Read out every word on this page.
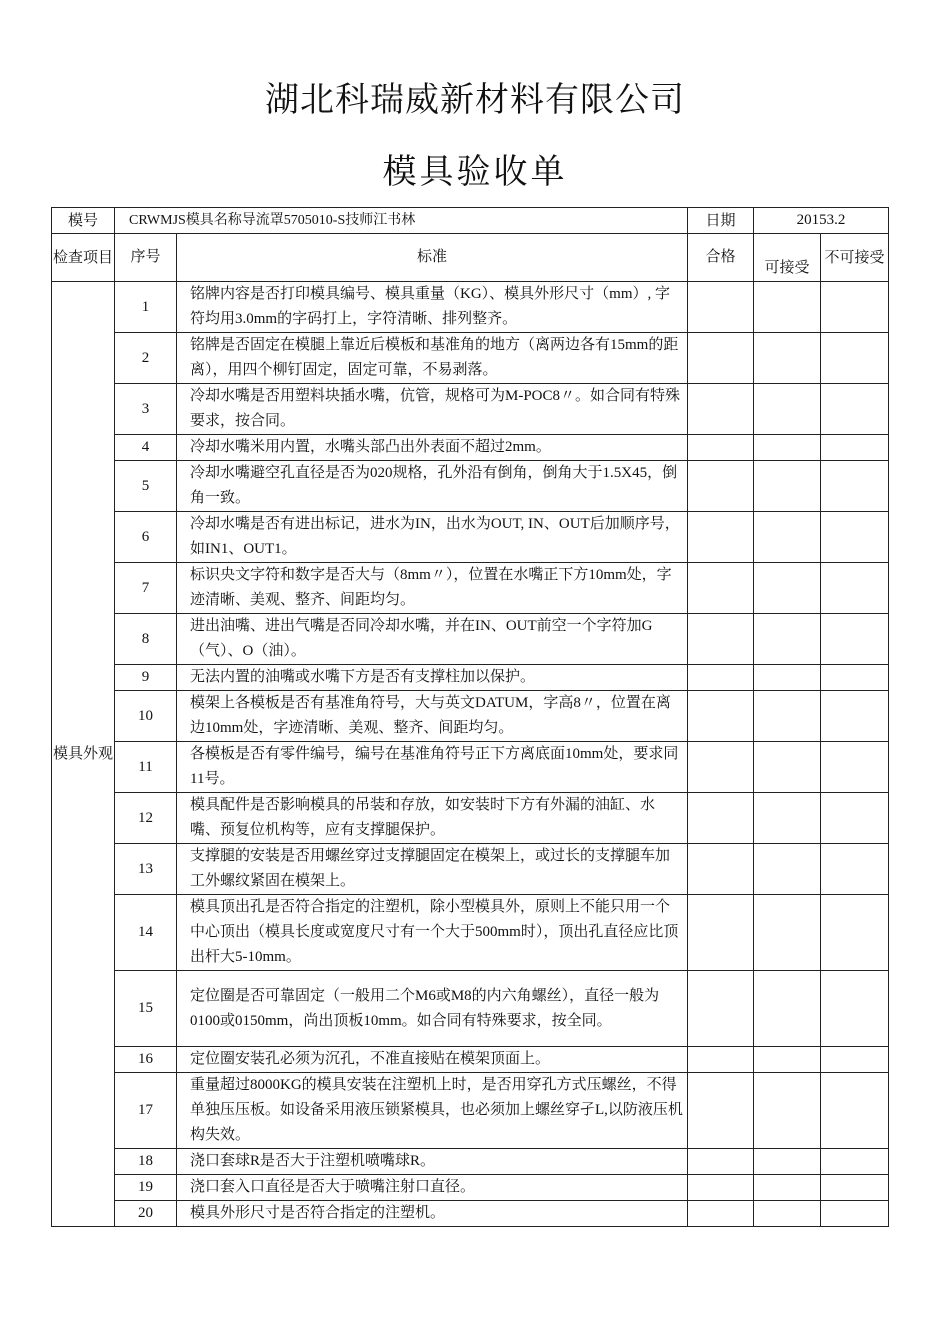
湖北科瑞威新材料有限公司
模具验收单
模号	CRWMJS模具名称导流罩5705010-S技师江书林		日期	20153.2	
检查项目	序号	标准	合格	可接受	不可接受
模具外观	1	铭牌内容是否打印模具编号、模具重量（KG）、模具外形尺寸（mm）, 字符均用3.0mm的字码打上，字符清晰、排列整齐。			
	2	铭牌是否固定在模腿上靠近后模板和基准角的地方（离两边各有15mm的距离），用四个柳钉固定，固定可靠，不易剥落。			
	3	冷却水嘴是否用塑料块插水嘴，伉管，规格可为M-POC8〃。如合同有特殊要求，按合同。			
	4	冷却水嘴米用内置，水嘴头部凸出外表面不超过2mm。			
	5	冷却水嘴避空孔直径是否为020规格，孔外沿有倒角，倒角大于1.5X45，倒角一致。			
	6	冷却水嘴是否有进出标记，进水为IN，出水为OUT, IN、OUT后加顺序号，如IN1、OUT1。			
	7	标识央文字符和数字是否大与（8mm〃），位置在水嘴正下方10mm处，字迹清晰、美观、整齐、间距均匀。			
	8	进出油嘴、进出气嘴是否同冷却水嘴，并在IN、OUT前空一个字符加G（气）、O（油）。			
	9	无法内置的油嘴或水嘴下方是否有支撑柱加以保护。			
	10	模架上各模板是否有基准角符号，大与英文DATUM，字高8〃，位置在离边10mm处，字迹清晰、美观、整齐、间距均匀。			
	11	各模板是否有零件编号，编号在基准角符号正下方离底面10mm处，要求同11号。			
	12	模具配件是否影响模具的吊装和存放，如安装时下方有外漏的油缸、水嘴、预复位机构等，应有支撑腿保护。			
	13	支撑腿的安装是否用螺丝穿过支撑腿固定在模架上，或过长的支撑腿车加工外螺纹紧固在模架上。			
	14	模具顶出孔是否符合指定的注塑机，除小型模具外，原则上不能只用一个中心顶出（模具长度或宽度尺寸有一个大于500mm时），顶出孔直径应比顶出杆大5-10mm。			
	15	定位圈是否可靠固定（一般用二个M6或M8的内六角螺丝），直径一般为0100或0150mm，尚出顶板10mm。如合同有特殊要求，按全同。			
	16	定位圈安装孔必须为沉孔，不准直接贴在模架顶面上。			
	17	重量超过8000KG的模具安装在注塑机上时，是否用穿孔方式压螺丝，不得单独压压板。如设备采用液压锁紧模具，也必须加上螺丝穿孑L,以防液压机构失效。			
	18	浇口套球R是否大于注塑机喷嘴球R。			
	19	浇口套入口直径是否大于喷嘴注射口直径。			
	20	模具外形尺寸是否符合指定的注塑机。			
